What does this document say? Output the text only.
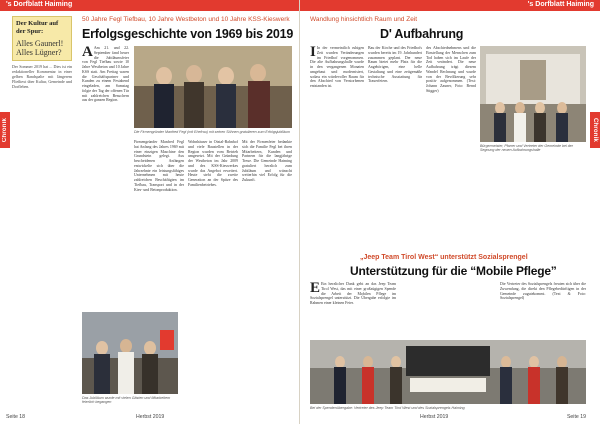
's Dorfblatt Haiming
Chronik
Der Kultur auf der Spur:
Alles Gaunerl! Alles Lügner?
Der Sommer 2019 hat ... Dies ist ein redaktioneller Kommentar in einer gelben Randspalte mit längerem Fließtext über Kultur, Gemeinde und Dorfleben.
50 Jahre Fegl Tiefbau, 10 Jahre Westbeton und 10 Jahre KSS-Kieswerk
Erfolgsgeschichte von 1969 bis 2019
A Am 21. und 22. September fand heuer die Jubiläumsfeier von Fegl Tiefbau sowie 10 Jahre Westbeton und 10 Jahre KSS statt. Am Freitag waren die Geschäftspartner und Kunden zu einem Festabend eingeladen, am Samstag folgte der Tag der offenen Tür mit zahlreichen Besuchern aus der ganzen Region.
Die Firmengründer Manfred Fegl (mit Ehefrau) mit seinen Söhnen gratulieren zum Erfolgsjubiläum
Firmengründer Manfred Fegl hat Anfang des Jahres 1969 mit einer einzigen Maschine den Grundstein gelegt. Aus bescheidenen Anfängen entwickelte sich über die Jahrzehnte ein leistungsfähiges Unternehmen mit heute zahlreichen Beschäftigten im Tiefbau, Transport und in der Kies- und Betonproduktion.
Wohnhäuser in Ötztal-Bahnhof und viele Baustellen in der Region wurden vom Betrieb umgesetzt. Mit der Gründung der Westbeton im Jahr 2009 und des KSS-Kieswerkes wurde das Angebot erweitert. Heute steht die zweite Generation an der Spitze des Familienbetriebes.
Mit der Firmenfeier bedankte sich die Familie Fegl bei ihren Mitarbeitern, Kunden und Partnern für die langjährige Treue. Die Gemeinde Haiming gratuliert herzlich zum Jubiläum und wünscht weiterhin viel Erfolg für die Zukunft.
Das Jubiläum wurde mit vielen Gästen und Mitarbeitern feierlich begangen
Seite 18	Herbst 2019
's Dorfblatt Haiming
Chronik
Wandlung hinsichtlich Raum und Zeit
D' Aufbahrung
I In der vermeintlich ruhigen Zeit wurden Veränderungen im Friedhof vorgenommen. Die alte Aufbahrungshalle wurde in den vergangenen Monaten umgebaut und modernisiert, sodass ein würdevoller Raum für den Abschied von Verstorbenen entstanden ist.
Bau der Kirche und des Friedhofs wurden bereits im 19. Jahrhundert zusammen geplant. Der neue Raum bietet mehr Platz für die Angehörigen, eine helle Gestaltung und eine zeitgemäße technische Ausstattung für Trauerfeiern.
des Abschiednehmens und die Einstellung der Menschen zum Tod haben sich im Laufe der Zeit verändert. Die neue Aufbahrung trägt diesem Wandel Rechnung und wurde von der Bevölkerung sehr positiv aufgenommen. (Text: Johann Zauner, Foto: Bernd Stigger)
Bürgermeister, Pfarrer und Vertreter der Gemeinde bei der Segnung der neuen Aufbahrungshalle
„Jeep Team Tirol West“ unterstützt Sozialsprengel
Unterstützung für die “Mobile Pflege”
E Ein herzlicher Dank geht an das Jeep Team Tirol West, das mit einer großzügigen Spende die Arbeit der Mobilen Pflege im Sozialsprengel unterstützt. Die Übergabe erfolgte im Rahmen einer kleinen Feier.
Die Vertreter des Sozialsprengels freuten sich über die Zuwendung, die direkt den Pflegebedürftigen in der Gemeinde zugutekommt. (Text & Foto: Sozialsprengel)
Bei der Spendenübergabe: Vertreter des Jeep Team Tirol West und des Sozialsprengels Haiming
Herbst 2019	Seite 19
